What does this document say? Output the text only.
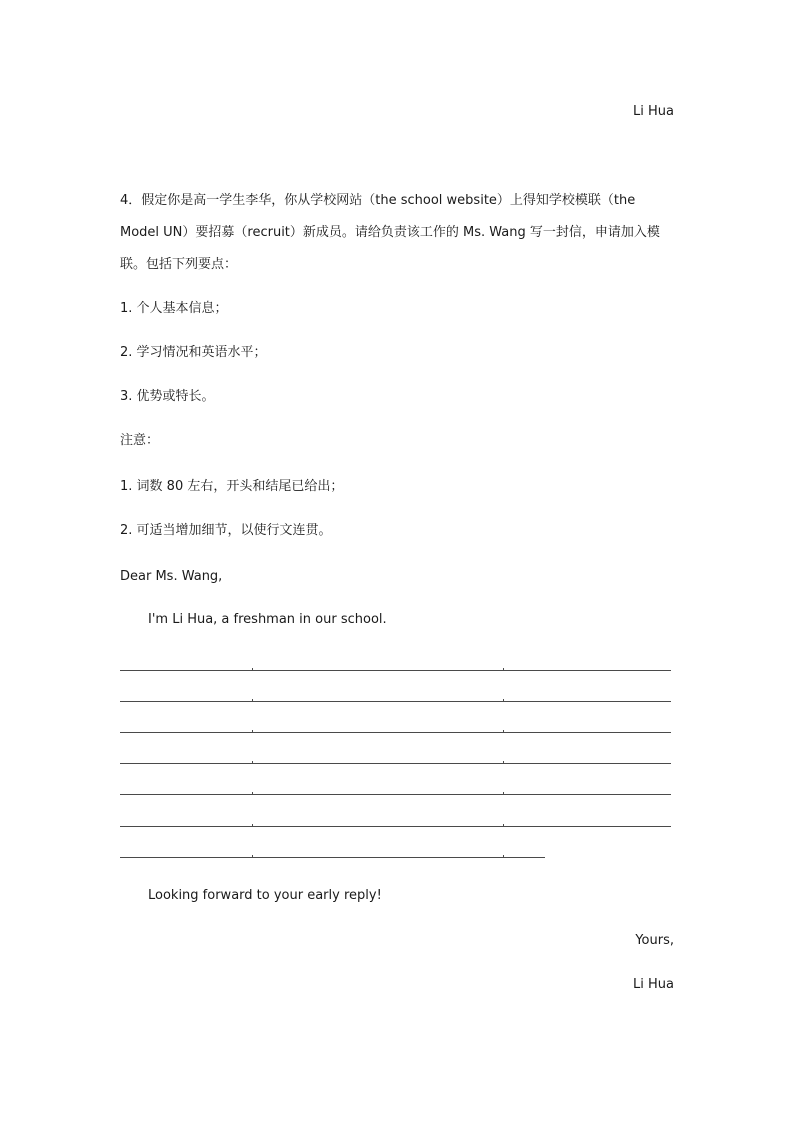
Li Hua
4．假定你是高一学生李华，你从学校网站（the school website）上得知学校模联（the
Model UN）要招募（recruit）新成员。请给负责该工作的 Ms. Wang 写一封信，申请加入模
联。包括下列要点：
1. 个人基本信息；
2. 学习情况和英语水平；
3. 优势或特长。
注意：
1. 词数 80 左右，开头和结尾已给出；
2. 可适当增加细节，以使行文连贯。
Dear Ms. Wang,
I'm Li Hua, a freshman in our school.
Looking forward to your early reply!
Yours,
Li Hua
